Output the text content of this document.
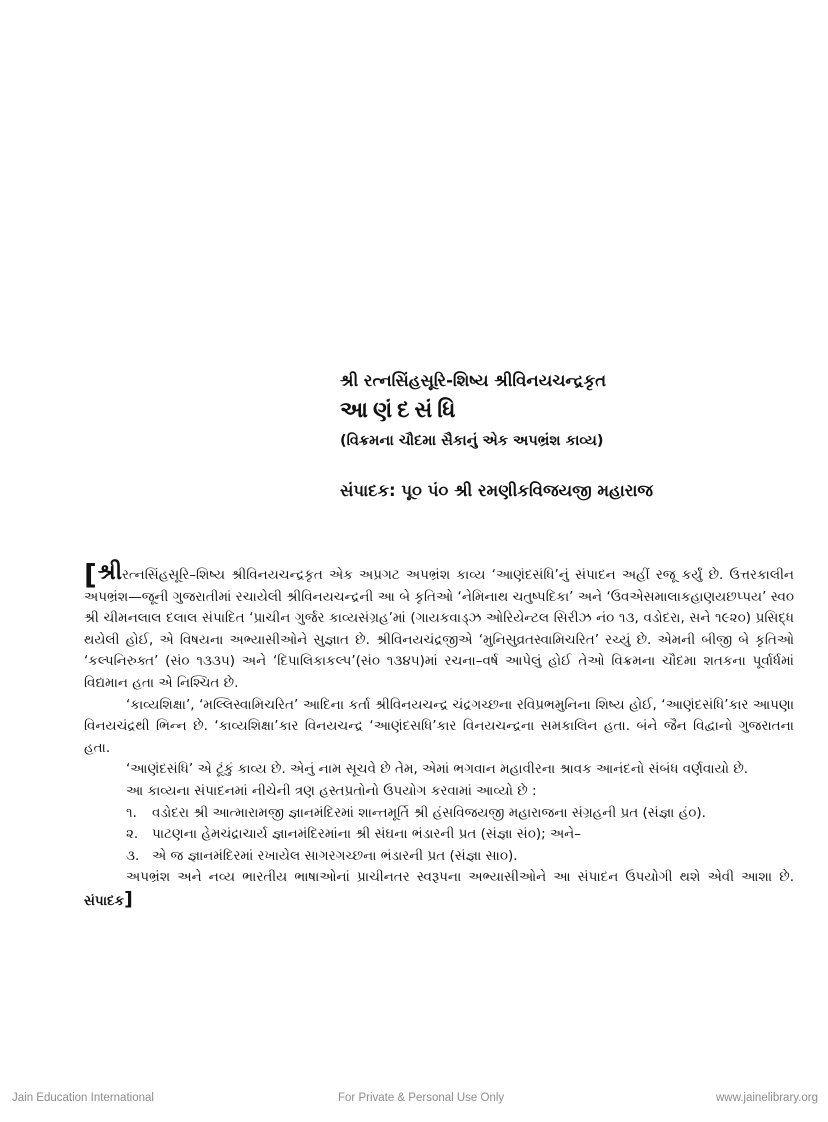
શ્રી રત્નસિંહસૂરિ-શિષ્ય શ્રીવિનયચન્દ્રકૃત
આણંદસંધિ
(વિક્રમના ચૌદમા સૈકાનું એક અપભ્રંશ કાવ્ય)
સંપાદક: પૂ૦ પં૦ શ્રી રમણીકવિજયજી મહારાજ

[શ્રીરત્નસિંહસૂરિ–શિષ્ય શ્રીવિનયચન્દ્રકૃત એક અપ્રગટ અપભ્રંશ કાવ્ય ‘આણંદસંધિ’નું સંપાદન અહીં રજૂ કર્યું છે. ઉત્તરકાલીન અપભ્રંશ—જૂની ગુજરાતીમાં રચાયેલી શ્રીવિનયચન્દ્રની આ બે કૃતિઓ ‘નેમિનાથ ચતુષ્પદિકા’ અને ‘ઉવએસમાલાકહાણયછપ્પય’ સ્વ૦ શ્રી ચીમનલાલ દલાલ સંપાદિત ‘પ્રાચીન ગુર્જર કાવ્યસંગ્રહ’માં (ગાયકવાડ્‌ઝ ઓરિયેન્ટલ સિરીઝ નં૦ ૧૩, વડોદરા, સને ૧૯૨૦) પ્રસિદ્ધ થયેલી હોઈ, એ વિષયના અભ્યાસીઓને સુજ્ઞાત છે. શ્રીવિનયચંદ્રજીએ ‘મુનિસુવ્રતસ્વામિચરિત’ રચ્યું છે. એમની બીજી બે કૃતિઓ ‘કલ્પનિરુક્ત’ (સં૦ ૧૩૩૫) અને ‘દિપાલિકાકલ્પ’(સં૦ ૧૩૪૫)માં રચના–વર્ષ આપેલું હોઈ તેઓ વિક્રમના ચૌદમા શતકના પૂર્વાર્ધમાં વિદ્યમાન હતા એ નિશ્ચિત છે.

‘કાવ્યશિક્ષા’, ‘મલ્લિસ્વામિચરિત’ આદિના કર્તા શ્રીવિનયચન્દ્ર ચંદ્રગચ્છના રવિપ્રભમુનિના શિષ્ય હોઈ, ‘આણંદસંધિ’કાર આપણા વિનયચંદ્રથી ભિન્ન છે. ‘કાવ્યશિક્ષા’કાર વિનયચન્દ્ર ‘આણંદસધિ’કાર વિનયચન્દ્રના સમકાલિન હતા. બંને જૈન વિદ્વાનો ગુજરાતના હતા.

‘આણંદસંધિ’ એ ટૂંકું કાવ્ય છે. એનું નામ સૂચવે છે તેમ, એમાં ભગવાન મહાવીરના શ્રાવક આનંદનો સંબંધ વર્ણવાયો છે.

આ કાવ્યના સંપાદનમાં નીચેની ત્રણ હસ્તપ્રતોનો ઉપયોગ કરવામાં આવ્યો છે :

૧.	વડોદરા શ્રી આત્મારામજી જ્ઞાનમંદિરમાં શાન્તમૂર્તિ શ્રી હંસવિજયજી મહારાજના સંગ્રહની પ્રત (સંજ્ઞા હં૦).
૨.	પાટણના હેમચંદ્રાચાર્ય જ્ઞાનમંદિરમાંના શ્રી સંઘના ભંડારની પ્રત (સંજ્ઞા સં૦); અને–
૩. એ જ જ્ઞાનમંદિરમાં રખાયેલ સાગરગચ્છના ભંડારની પ્રત (સંજ્ઞા સા૦).

અપભ્રંશ અને નવ્ય ભારતીય ભાષાઓનાં પ્રાચીનતર સ્વરૂપના અભ્યાસીઓને આ સંપાદન ઉપયોગી થશે એવી આશા છે. સંપાદક]

Jain Education International	For Private & Personal Use Only	www.jainelibrary.org
